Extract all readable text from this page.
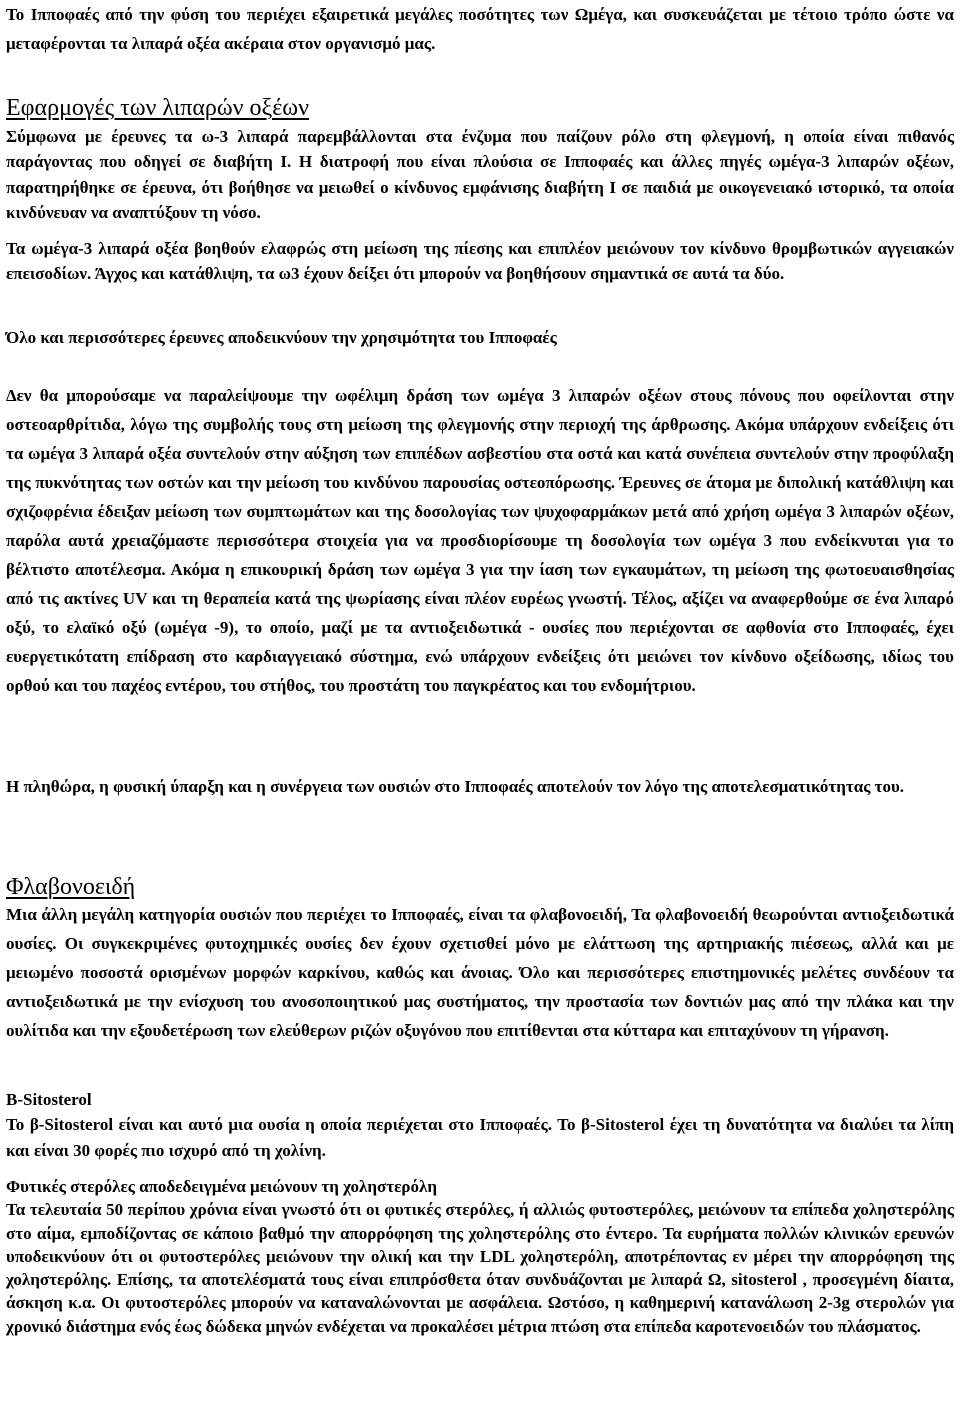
Το Ιπποφαές από την φύση του περιέχει εξαιρετικά μεγάλες ποσότητες των Ωμέγα, και συσκευάζεται με τέτοιο τρόπο ώστε να μεταφέρονται τα λιπαρά οξέα ακέραια στον οργανισμό μας.

Εφαρμογές των λιπαρών οξέων

Σύμφωνα με έρευνες τα ω-3 λιπαρά παρεμβάλλονται στα ένζυμα που παίζουν ρόλο στη φλεγμονή, η οποία είναι πιθανός παράγοντας που οδηγεί σε διαβήτη Ι. Η διατροφή που είναι πλούσια σε Ιπποφαές και άλλες πηγές ωμέγα-3 λιπαρών οξέων, παρατηρήθηκε σε έρευνα, ότι βοήθησε να μειωθεί ο κίνδυνος εμφάνισης διαβήτη Ι σε παιδιά με οικογενειακό ιστορικό, τα οποία κινδύνευαν να αναπτύξουν τη νόσο.

Τα ωμέγα-3 λιπαρά οξέα βοηθούν ελαφρώς στη μείωση της πίεσης και επιπλέον μειώνουν τον κίνδυνο θρομβωτικών αγγειακών επεισοδίων. Άγχος και κατάθλιψη, τα ω3 έχουν δείξει ότι μπορούν να βοηθήσουν σημαντικά σε αυτά τα δύο.

Όλο και περισσότερες έρευνες αποδεικνύουν την χρησιμότητα του Ιπποφαές

Δεν θα μπορούσαμε να παραλείψουμε την ωφέλιμη δράση των ωμέγα 3 λιπαρών οξέων στους πόνους που οφείλονται στην οστεοαρθρίτιδα, λόγω της συμβολής τους στη μείωση της φλεγμονής στην περιοχή της άρθρωσης. Ακόμα υπάρχουν ενδείξεις ότι τα ωμέγα 3 λιπαρά οξέα συντελούν στην αύξηση των επιπέδων ασβεστίου στα οστά και κατά συνέπεια συντελούν στην προφύλαξη της πυκνότητας των οστών και την μείωση του κινδύνου παρουσίας οστεοπόρωσης. Έρευνες σε άτομα με διπολική κατάθλιψη και σχιζοφρένια έδειξαν μείωση των συμπτωμάτων και της δοσολογίας των ψυχοφαρμάκων μετά από χρήση ωμέγα 3 λιπαρών οξέων, παρόλα αυτά χρειαζόμαστε περισσότερα στοιχεία για να προσδιορίσουμε τη δοσολογία των ωμέγα 3 που ενδείκνυται για το βέλτιστο αποτέλεσμα. Ακόμα η επικουρική δράση των ωμέγα 3 για την ίαση των εγκαυμάτων, τη μείωση της φωτοευαισθησίας από τις ακτίνες UV και τη θεραπεία κατά της ψωρίασης είναι πλέον ευρέως γνωστή. Τέλος, αξίζει να αναφερθούμε σε ένα λιπαρό οξύ, το ελαϊκό οξύ (ωμέγα -9), το οποίο, μαζί με τα αντιοξειδωτικά - ουσίες που περιέχονται σε αφθονία στο Ιπποφαές, έχει ευεργετικότατη επίδραση στο καρδιαγγειακό σύστημα, ενώ υπάρχουν ενδείξεις ότι μειώνει τον κίνδυνο οξείδωσης, ιδίως του ορθού και του παχέος εντέρου, του στήθος, του προστάτη του παγκρέατος και του ενδομήτριου.

Η πληθώρα, η φυσική ύπαρξη και η συνέργεια των ουσιών στο Ιπποφαές αποτελούν τον λόγο της αποτελεσματικότητας του.

Φλαβονοειδή

Μια άλλη μεγάλη κατηγορία ουσιών που περιέχει το Ιπποφαές, είναι τα φλαβονοειδή, Τα φλαβονοειδή θεωρούνται αντιοξειδωτικά ουσίες. Οι συγκεκριμένες φυτοχημικές ουσίες δεν έχουν σχετισθεί μόνο με ελάττωση της αρτηριακής πιέσεως, αλλά και με μειωμένο ποσοστά ορισμένων μορφών καρκίνου, καθώς και άνοιας. Όλο και περισσότερες επιστημονικές μελέτες συνδέουν τα αντιοξειδωτικά με την ενίσχυση του ανοσοποιητικού μας συστήματος, την προστασία των δοντιών μας από την πλάκα και την ουλίτιδα και την εξουδετέρωση των ελεύθερων ριζών οξυγόνου που επιτίθενται στα κύτταρα και επιταχύνουν τη γήρανση.

B-Sitosterol

Το β-Sitosterol είναι και αυτό μια ουσία η οποία περιέχεται στο Ιπποφαές. Το β-Sitosterol έχει τη δυνατότητα να διαλύει τα λίπη και είναι 30 φορές πιο ισχυρό από τη χολίνη.

Φυτικές στερόλες αποδεδειγμένα μειώνουν τη χοληστερόλη

Τα τελευταία 50 περίπου χρόνια είναι γνωστό ότι οι φυτικές στερόλες, ή αλλιώς φυτοστερόλες, μειώνουν τα επίπεδα χοληστερόλης στο αίμα, εμποδίζοντας σε κάποιο βαθμό την απορρόφηση της χοληστερόλης στο έντερο. Τα ευρήματα πολλών κλινικών ερευνών υποδεικνύουν ότι οι φυτοστερόλες μειώνουν την ολική και την LDL χοληστερόλη, αποτρέποντας εν μέρει την απορρόφηση της χοληστερόλης. Επίσης, τα αποτελέσματά τους είναι επιπρόσθετα όταν συνδυάζονται με λιπαρά Ω, sitosterol , προσεγμένη δίαιτα, άσκηση κ.α. Οι φυτοστερόλες μπορούν να καταναλώνονται με ασφάλεια. Ωστόσο, η καθημερινή κατανάλωση 2-3g στερολών για χρονικό διάστημα ενός έως δώδεκα μηνών ενδέχεται να προκαλέσει μέτρια πτώση στα επίπεδα καροτενοειδών του πλάσματος.
